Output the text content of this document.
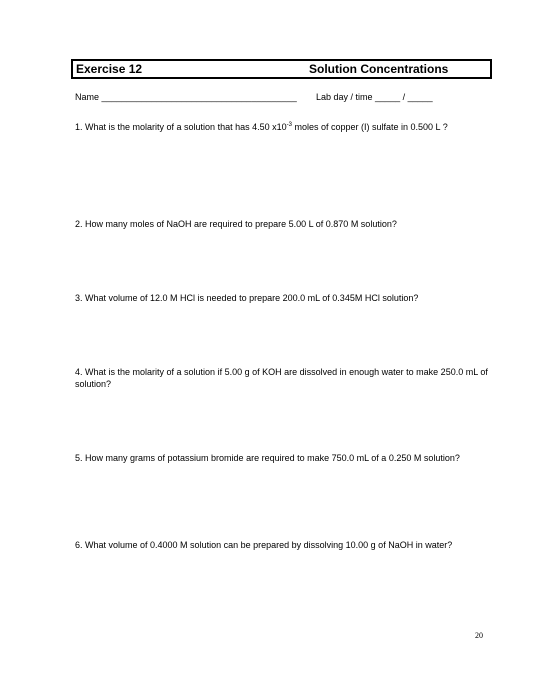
Exercise 12	Solution Concentrations
Name _______________________________________ Lab day / time _____ / _____
1. What is the molarity of a solution that has 4.50 $x10^{-3}$ moles of copper (I) sulfate in 0.500 L ?
2. How many moles of NaOH are required to prepare 5.00 L of 0.870 M solution?
3. What volume of 12.0 M HCl is needed to prepare 200.0 mL of 0.345M HCl solution?
4. What is the molarity of a solution if 5.00 g of KOH are dissolved in enough water to make 250.0 mL of solution?
5. How many grams of potassium bromide are required to make 750.0 mL of a 0.250 M solution?
6. What volume of 0.4000 M solution can be prepared by dissolving 10.00 g of NaOH in water?
20
